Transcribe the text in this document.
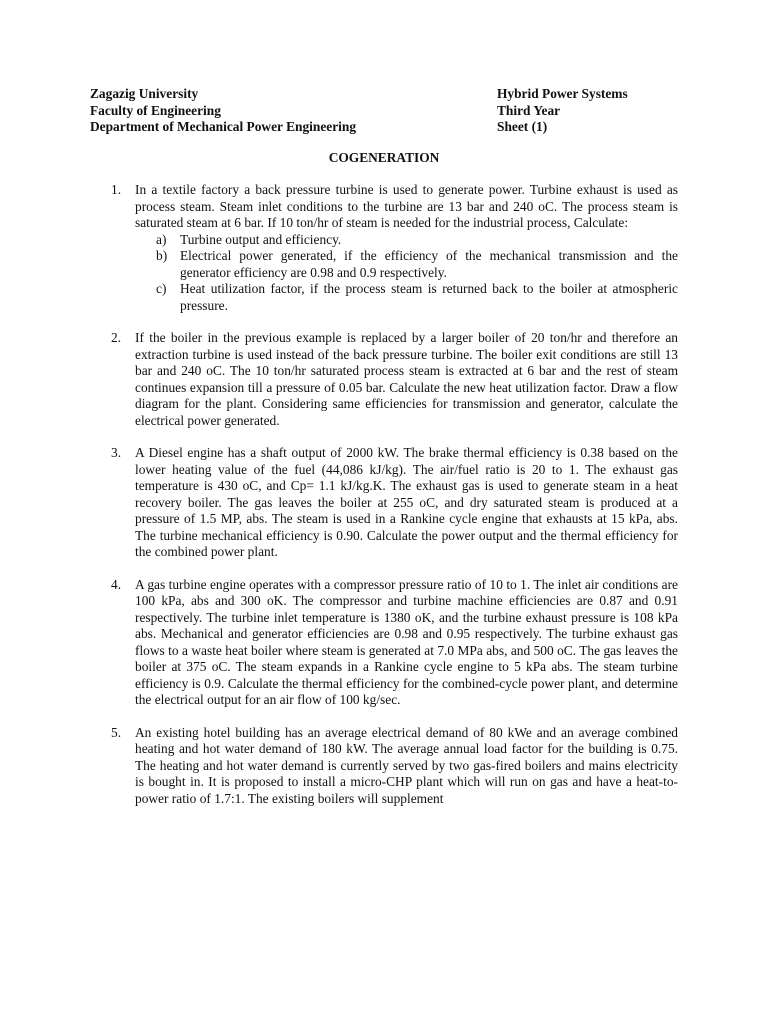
Zagazig University
Faculty of Engineering
Department of Mechanical Power Engineering
Hybrid Power Systems
Third Year
Sheet (1)
COGENERATION
1. In a textile factory a back pressure turbine is used to generate power. Turbine exhaust is used as process steam. Steam inlet conditions to the turbine are 13 bar and 240 oC. The process steam is saturated steam at 6 bar. If 10 ton/hr of steam is needed for the industrial process, Calculate:
a) Turbine output and efficiency.
b) Electrical power generated, if the efficiency of the mechanical transmission and the generator efficiency are 0.98 and 0.9 respectively.
c) Heat utilization factor, if the process steam is returned back to the boiler at atmospheric pressure.
2. If the boiler in the previous example is replaced by a larger boiler of 20 ton/hr and therefore an extraction turbine is used instead of the back pressure turbine. The boiler exit conditions are still 13 bar and 240 oC. The 10 ton/hr saturated process steam is extracted at 6 bar and the rest of steam continues expansion till a pressure of 0.05 bar. Calculate the new heat utilization factor. Draw a flow diagram for the plant. Considering same efficiencies for transmission and generator, calculate the electrical power generated.
3. A Diesel engine has a shaft output of 2000 kW. The brake thermal efficiency is 0.38 based on the lower heating value of the fuel (44,086 kJ/kg). The air/fuel ratio is 20 to 1. The exhaust gas temperature is 430 oC, and Cp= 1.1 kJ/kg.K. The exhaust gas is used to generate steam in a heat recovery boiler. The gas leaves the boiler at 255 oC, and dry saturated steam is produced at a pressure of 1.5 MP, abs. The steam is used in a Rankine cycle engine that exhausts at 15 kPa, abs. The turbine mechanical efficiency is 0.90. Calculate the power output and the thermal efficiency for the combined power plant.
4. A gas turbine engine operates with a compressor pressure ratio of 10 to 1. The inlet air conditions are 100 kPa, abs and 300 oK. The compressor and turbine machine efficiencies are 0.87 and 0.91 respectively. The turbine inlet temperature is 1380 oK, and the turbine exhaust pressure is 108 kPa abs. Mechanical and generator efficiencies are 0.98 and 0.95 respectively. The turbine exhaust gas flows to a waste heat boiler where steam is generated at 7.0 MPa abs, and 500 oC. The gas leaves the boiler at 375 oC. The steam expands in a Rankine cycle engine to 5 kPa abs. The steam turbine efficiency is 0.9. Calculate the thermal efficiency for the combined-cycle power plant, and determine the electrical output for an air flow of 100 kg/sec.
5. An existing hotel building has an average electrical demand of 80 kWe and an average combined heating and hot water demand of 180 kW. The average annual load factor for the building is 0.75. The heating and hot water demand is currently served by two gas-fired boilers and mains electricity is bought in. It is proposed to install a micro-CHP plant which will run on gas and have a heat-to-power ratio of 1.7:1. The existing boilers will supplement
